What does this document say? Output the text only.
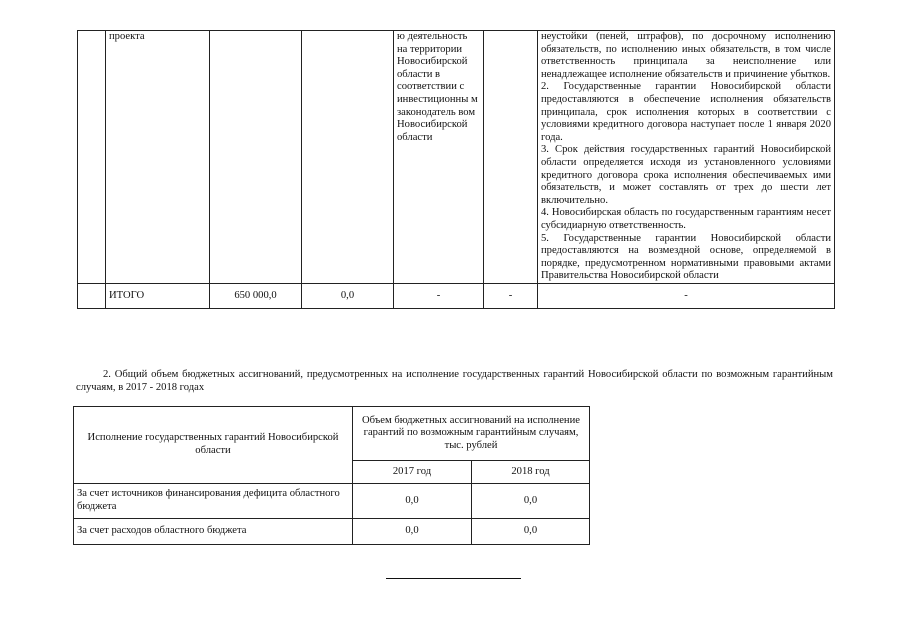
	проекта			ю деятельность на территории Новосибирской области в соответствии с инвестиционны м законодатель вом Новосибирской области		неустойки (пеней, штрафов), по досрочному исполнению обязательств, по исполнению иных обязательств, в том числе ответственность принципала за неисполнение или ненадлежащее исполнение обязательств и причинение убытков.

2. Государственные гарантии Новосибирской области предоставляются в обеспечение исполнения обязательств принципала, срок исполнения которых в соответствии с условиями кредитного договора наступает после 1 января 2020 года.

3. Срок действия государственных гарантий Новосибирской области определяется исходя из установленного условиями кредитного договора срока исполнения обеспечиваемых ими обязательств, и может составлять от трех до шести лет включительно.

4. Новосибирская область по государственным гарантиям несет субсидиарную ответственность.

5. Государственные гарантии Новосибирской области предоставляются на возмездной основе, определяемой в порядке, предусмотренном нормативными правовыми актами Правительства Новосибирской области

	ИТОГО	650 000,0	0,0	-	-	-

2. Общий объем бюджетных ассигнований, предусмотренных на исполнение государственных гарантий Новосибирской области по возможным гарантийным случаям, в 2017 - 2018 годах

Исполнение государственных гарантий Новосибирской области	Объем бюджетных ассигнований на исполнение гарантий по возможным гарантийным случаям, тыс. рублей	
	2017 год	2018 год
За счет источников финансирования дефицита областного бюджета	0,0	0,0
За счет расходов областного бюджета	0,0	0,0
